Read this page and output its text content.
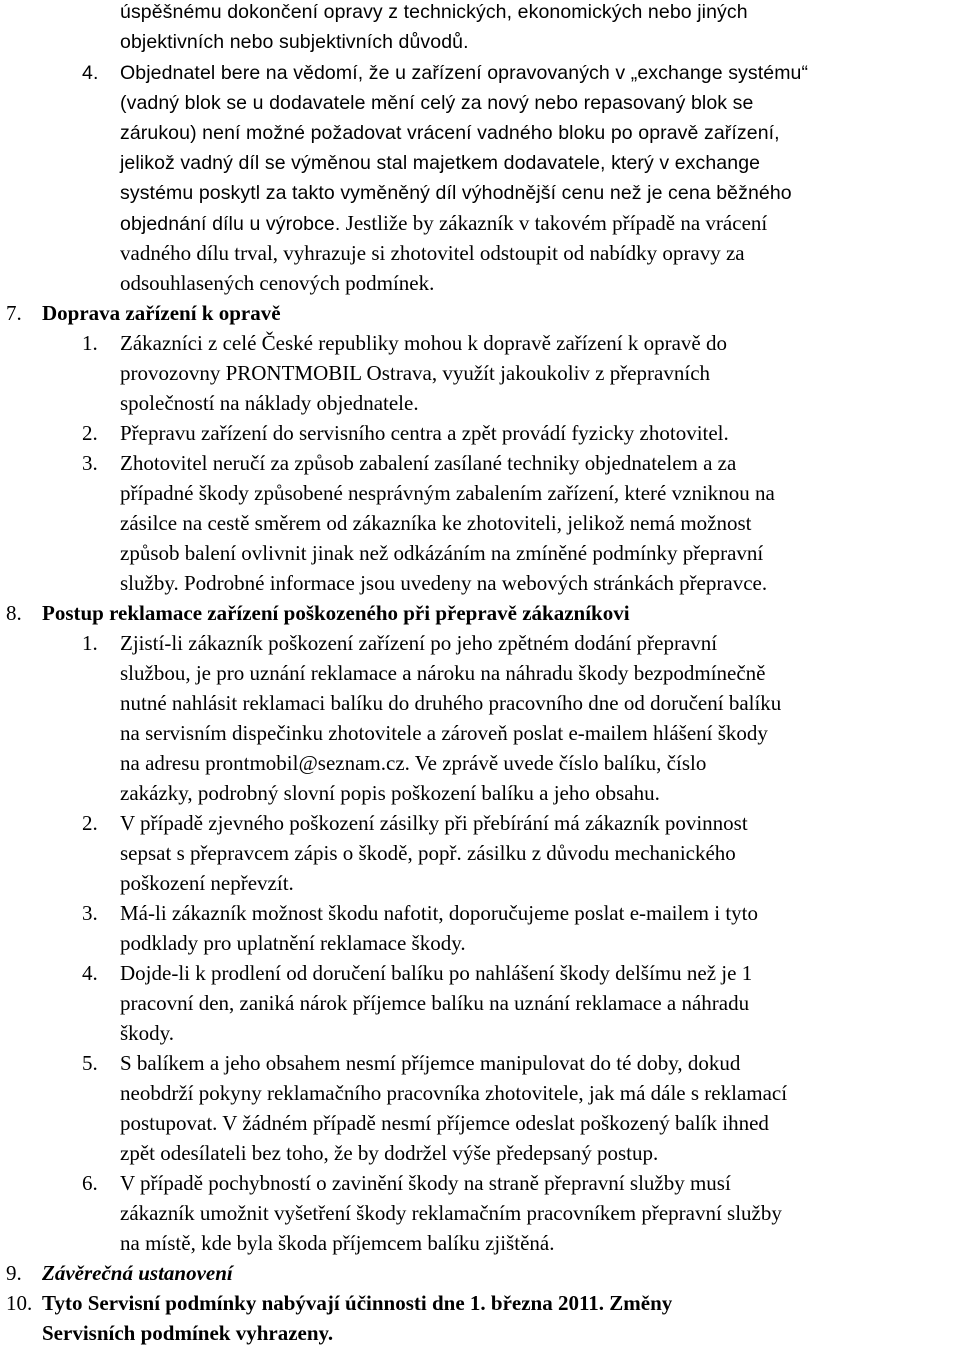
úspěšnému dokončení opravy z technických, ekonomických nebo jiných
objektivních nebo subjektivních důvodů.
4. Objednatel bere na vědomí, že u zařízení opravovaných v „exchange systému“
(vadný blok se u dodavatele mění celý za nový nebo repasovaný blok se
zárukou) není možné požadovat vrácení vadného bloku po opravě zařízení,
jelikož vadný díl se výměnou stal majetkem dodavatele, který v exchange
systému poskytl za takto vyměněný díl výhodnější cenu než je cena běžného
objednání dílu u výrobce. Jestliže by zákazník v takovém případě na vrácení
vadného dílu trval, vyhrazuje si zhotovitel odstoupit od nabídky opravy za
odsouhlasených cenových podmínek.
7. Doprava zařízení k opravě
1. Zákazníci z celé České republiky mohou k dopravě zařízení k opravě do
provozovny PRONTMOBIL Ostrava, využít jakoukoliv z přepravních
společností na náklady objednatele.
2. Přepravu zařízení do servisního centra a zpět provádí fyzicky zhotovitel.
3. Zhotovitel neručí za způsob zabalení zasílané techniky objednatelem a za
případné škody způsobené nesprávným zabalením zařízení, které vzniknou na
zásilce na cestě směrem od zákazníka ke zhotoviteli, jelikož nemá možnost
způsob balení ovlivnit jinak než odkázáním na zmíněné podmínky přepravní
služby. Podrobné informace jsou uvedeny na webových stránkách přepravce.
8. Postup reklamace zařízení poškozeného při přepravě zákazníkovi
1. Zjistí-li zákazník poškození zařízení po jeho zpětném dodání přepravní
službou, je pro uznání reklamace a nároku na náhradu škody bezpodmínečně
nutné nahlásit reklamaci balíku do druhého pracovního dne od doručení balíku
na servisním dispečinku zhotovitele a zároveň poslat e-mailem hlášení škody
na adresu prontmobil@seznam.cz. Ve zprávě uvede číslo balíku, číslo
zakázky, podrobný slovní popis poškození balíku a jeho obsahu.
2. V případě zjevného poškození zásilky při přebírání má zákazník povinnost
sepsat s přepravcem zápis o škodě, popř. zásilku z důvodu mechanického
poškození nepřevzít.
3. Má-li zákazník možnost škodu nafotit, doporučujeme poslat e-mailem i tyto
podklady pro uplatnění reklamace škody.
4. Dojde-li k prodlení od doručení balíku po nahlášení škody delšímu než je 1
pracovní den, zaniká nárok příjemce balíku na uznání reklamace a náhradu
škody.
5. S balíkem a jeho obsahem nesmí příjemce manipulovat do té doby, dokud
neobdrží pokyny reklamačního pracovníka zhotovitele, jak má dále s reklamací
postupovat. V žádném případě nesmí příjemce odeslat poškozený balík ihned
zpět odesílateli bez toho, že by dodržel výše předepsaný postup.
6. V případě pochybností o zavinění škody na straně přepravní služby musí
zákazník umožnit vyšetření škody reklamačním pracovníkem přepravní služby
na místě, kde byla škoda příjemcem balíku zjištěná.
9. Závěrečná ustanovení
10. Tyto Servisní podmínky nabývají účinnosti dne 1. března 2011. Změny
Servisních podmínek vyhrazeny.
